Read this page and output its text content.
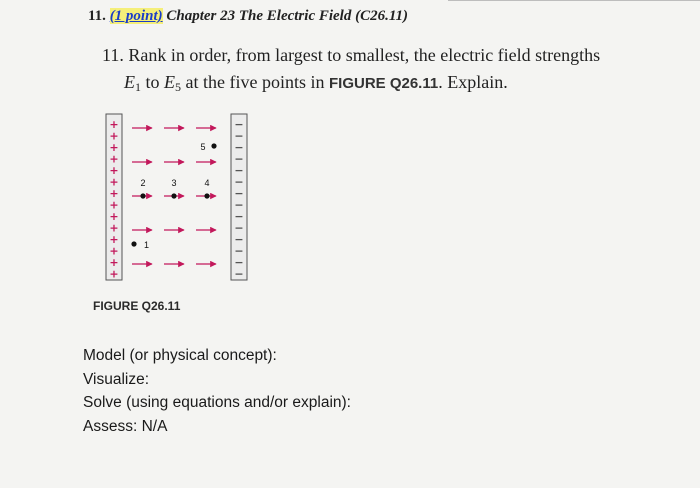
11. (1 point) Chapter 23 The Electric Field (C26.11)
11. Rank in order, from largest to smallest, the electric field strengths
$E_1$ to $E_5$ at the five points in FIGURE Q26.11. Explain.
+
+
+
+
+
+
+
+
+
+
+
+
+
+
−
−
−
−
−
−
−
−
−
−
−
−
−
−
1
2	3	4
5
FIGURE Q26.11
Model (or physical concept):
Visualize:
Solve (using equations and/or explain):
Assess: N/A
